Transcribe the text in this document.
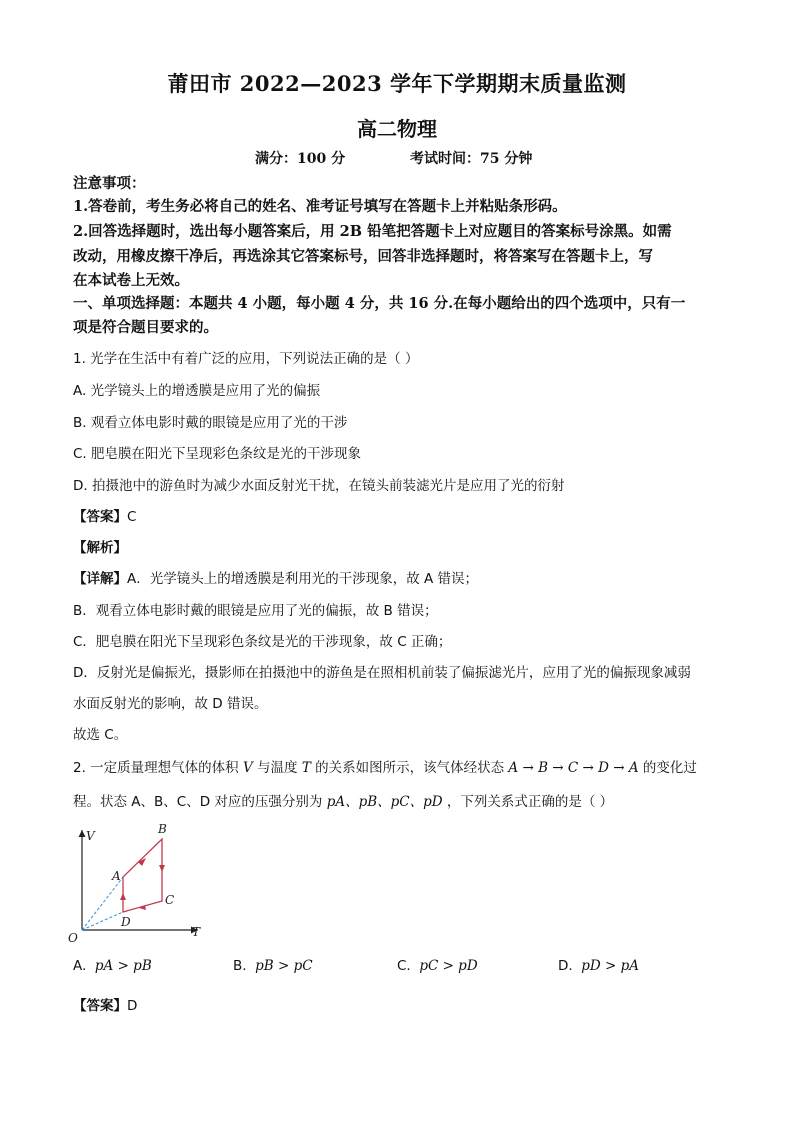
莆田市 2022—2023 学年下学期期末质量监测
高二物理
满分：100 分	考试时间：75 分钟
注意事项：
1.答卷前，考生务必将自己的姓名、准考证号填写在答题卡上并粘贴条形码。
2.回答选择题时，选出每小题答案后，用 2B 铅笔把答题卡上对应题目的答案标号涂黑。如需
改动，用橡皮擦干净后，再选涂其它答案标号，回答非选择题时，将答案写在答题卡上，写
在本试卷上无效。
一、单项选择题：本题共 4 小题，每小题 4 分，共 16 分.在每小题给出的四个选项中，只有一
项是符合题目要求的。
1. 光学在生活中有着广泛的应用，下列说法正确的是（ ）
A. 光学镜头上的增透膜是应用了光的偏振
B. 观看立体电影时戴的眼镜是应用了光的干涉
C. 肥皂膜在阳光下呈现彩色条纹是光的干涉现象
D. 拍摄池中的游鱼时为减少水面反射光干扰，在镜头前装滤光片是应用了光的衍射
【答案】C
【解析】
【详解】A．光学镜头上的增透膜是利用光的干涉现象，故 A 错误；
B．观看立体电影时戴的眼镜是应用了光的偏振，故 B 错误；
C．肥皂膜在阳光下呈现彩色条纹是光的干涉现象，故 C 正确；
D．反射光是偏振光，摄影师在拍摄池中的游鱼是在照相机前装了偏振滤光片，应用了光的偏振现象减弱
水面反射光的影响，故 D 错误。
故选 C。
2. 一定质量理想气体的体积 V 与温度 T 的关系如图所示，该气体经状态 A → B → C → D → A 的变化过
程。状态 A、B、C、D 对应的压强分别为 pA、pB、pC、pD ，下列关系式正确的是（ ）
V
T
O
A
B
C
D
A. pA > pB	B. pB > pC	C. pC > pD	D. pD > pA
【答案】D
